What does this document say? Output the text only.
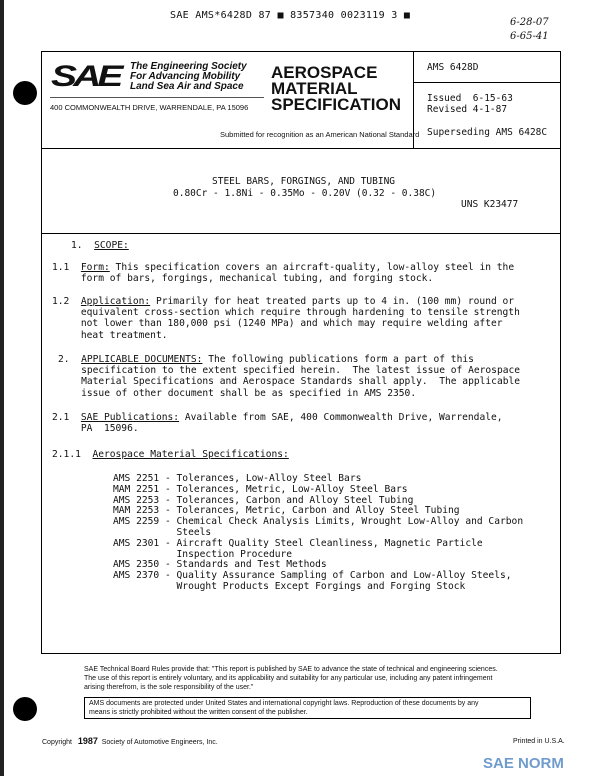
SAE AMS*6428D 87 ■ 8357340 0023119 3 ■
6-28-07
6-65-41
SAE The Engineering Society
For Advancing Mobility
Land Sea Air and Space
400 COMMONWEALTH DRIVE, WARRENDALE, PA 15096
AEROSPACE
MATERIAL
SPECIFICATION
Submitted for recognition as an American National Standard
AMS 6428D
Issued  6-15-63
Revised 4-1-87
Superseding AMS 6428C
STEEL BARS, FORGINGS, AND TUBING
0.80Cr - 1.8Ni - 0.35Mo - 0.20V (0.32 - 0.38C)
UNS K23477
1. SCOPE:
1.1 Form: This specification covers an aircraft-quality, low-alloy steel in the
form of bars, forgings, mechanical tubing, and forging stock.
1.2 Application: Primarily for heat treated parts up to 4 in. (100 mm) round or
equivalent cross-section which require through hardening to tensile strength
not lower than 180,000 psi (1240 MPa) and which may require welding after
heat treatment.
2. APPLICABLE DOCUMENTS: The following publications form a part of this
specification to the extent specified herein.  The latest issue of Aerospace
Material Specifications and Aerospace Standards shall apply.  The applicable
issue of other document shall be as specified in AMS 2350.
2.1 SAE Publications: Available from SAE, 400 Commonwealth Drive, Warrendale,
PA  15096.
2.1.1 Aerospace Material Specifications:
AMS 2251 - Tolerances, Low-Alloy Steel Bars
MAM 2251 - Tolerances, Metric, Low-Alloy Steel Bars
AMS 2253 - Tolerances, Carbon and Alloy Steel Tubing
MAM 2253 - Tolerances, Metric, Carbon and Alloy Steel Tubing
AMS 2259 - Chemical Check Analysis Limits, Wrought Low-Alloy and Carbon
Steels
AMS 2301 - Aircraft Quality Steel Cleanliness, Magnetic Particle
Inspection Procedure
AMS 2350 - Standards and Test Methods
AMS 2370 - Quality Assurance Sampling of Carbon and Low-Alloy Steels,
Wrought Products Except Forgings and Forging Stock
SAE Technical Board Rules provide that: "This report is published by SAE to advance the state of technical and engineering sciences.
The use of this report is entirely voluntary, and its applicability and suitability for any particular use, including any patent infringement
arising therefrom, is the sole responsibility of the user."
AMS documents are protected under United States and international copyright laws. Reproduction of these documents by any
means is strictly prohibited without the written consent of the publisher.
Copyright 1987 Society of Automotive Engineers, Inc.	Printed in U.S.A.
SAE NORM
